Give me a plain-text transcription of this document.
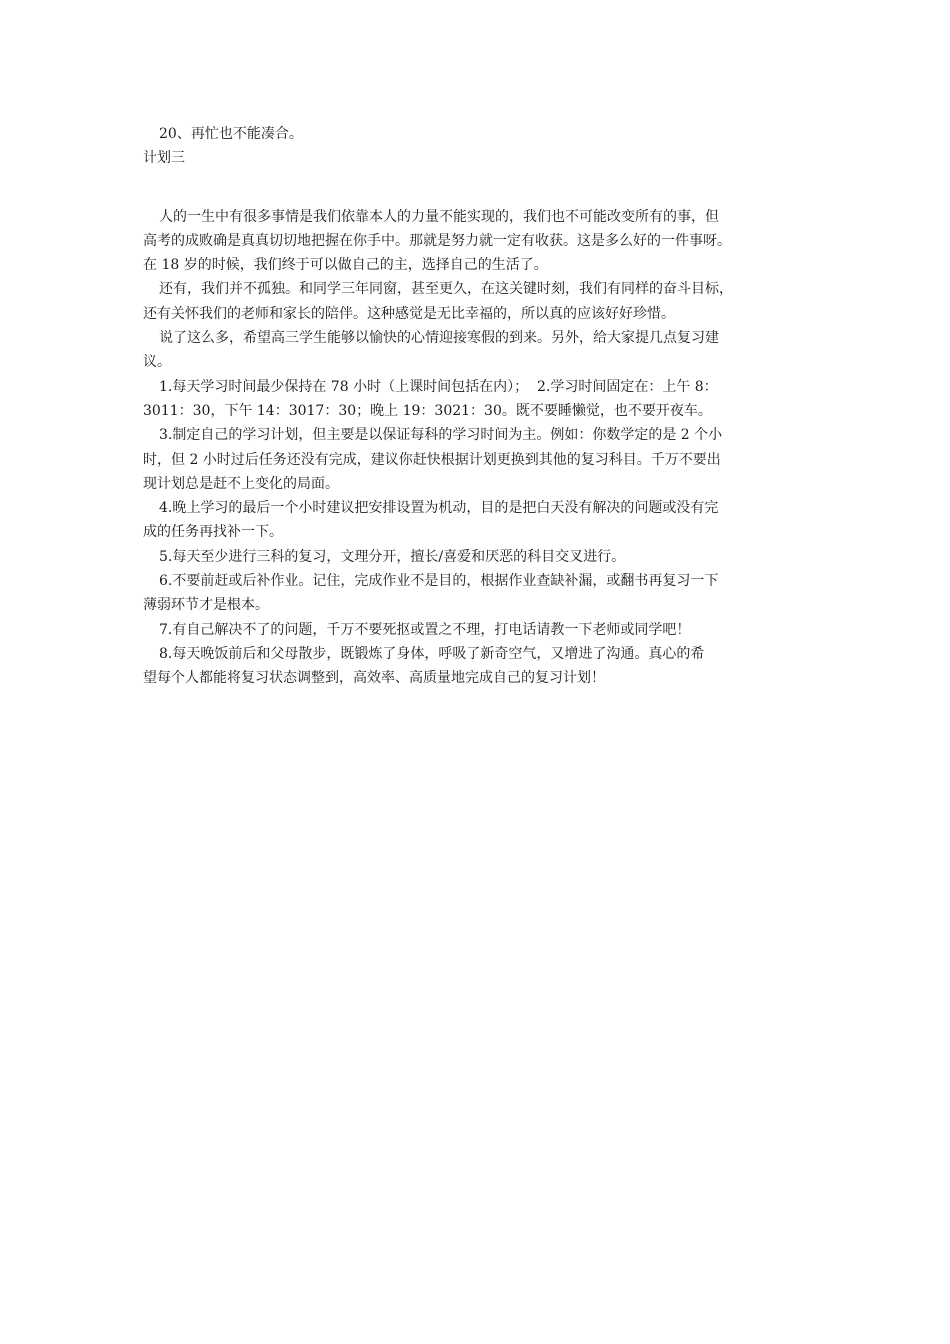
20、再忙也不能凑合。

计划三

人的一生中有很多事情是我们依靠本人的力量不能实现的，我们也不可能改变所有的事，但

高考的成败确是真真切切地把握在你手中。那就是努力就一定有收获。这是多么好的一件事呀。

在 18 岁的时候，我们终于可以做自己的主，选择自己的生活了。

还有，我们并不孤独。和同学三年同窗，甚至更久，在这关键时刻，我们有同样的奋斗目标，

还有关怀我们的老师和家长的陪伴。这种感觉是无比幸福的，所以真的应该好好珍惜。

说了这么多，希望高三学生能够以愉快的心情迎接寒假的到来。另外，给大家提几点复习建

议。

1.每天学习时间最少保持在 78 小时（上课时间包括在内）；  2.学习时间固定在：上午 8：

3011：30，下午 14：3017：30；晚上 19：3021：30。既不要睡懒觉，也不要开夜车。

3.制定自己的学习计划，但主要是以保证每科的学习时间为主。例如：你数学定的是 2 个小

时，但 2 小时过后任务还没有完成，建议你赶快根据计划更换到其他的复习科目。千万不要出

现计划总是赶不上变化的局面。

4.晚上学习的最后一个小时建议把安排设置为机动，目的是把白天没有解决的问题或没有完

成的任务再找补一下。

5.每天至少进行三科的复习，文理分开，擅长/喜爱和厌恶的科目交叉进行。

6.不要前赶或后补作业。记住，完成作业不是目的，根据作业查缺补漏，或翻书再复习一下

薄弱环节才是根本。

7.有自己解决不了的问题，千万不要死抠或置之不理，打电话请教一下老师或同学吧！

8.每天晚饭前后和父母散步，既锻炼了身体，呼吸了新奇空气，又增进了沟通。真心的希

望每个人都能将复习状态调整到，高效率、高质量地完成自己的复习计划！
